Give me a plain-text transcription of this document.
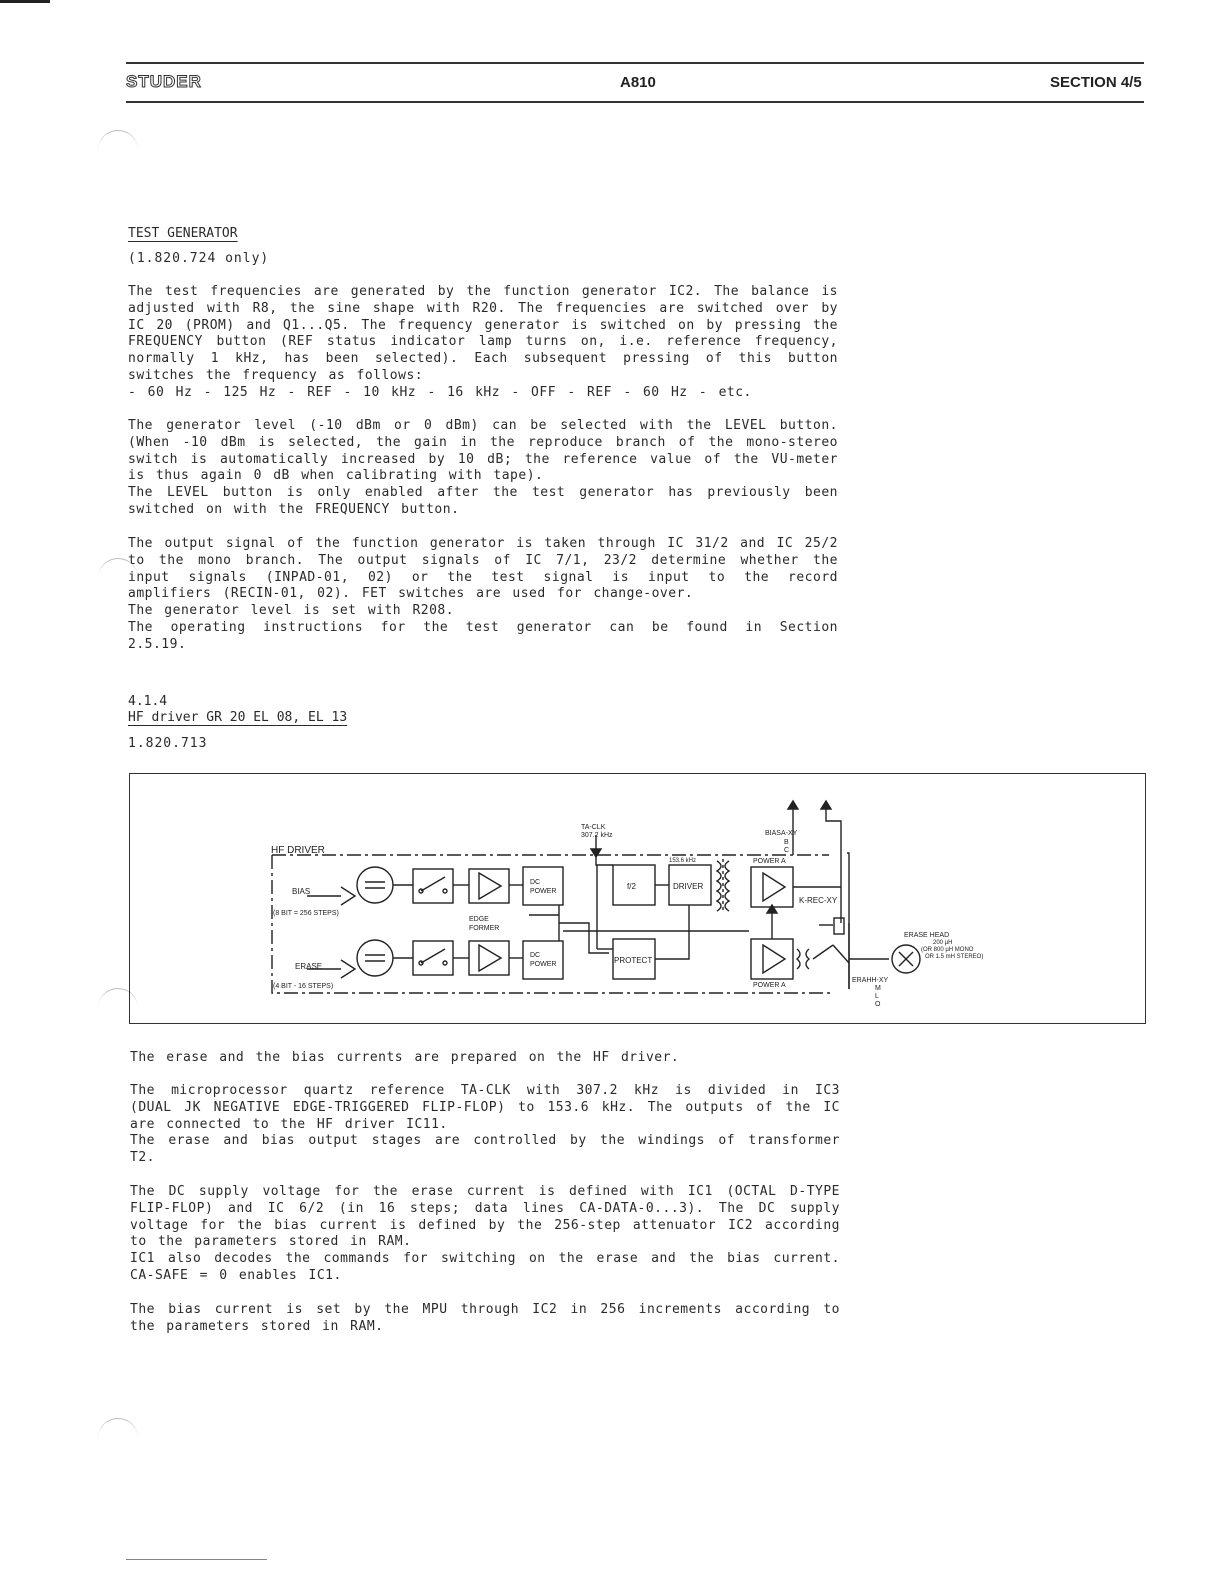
STUDER	A810	SECTION 4/5
TEST GENERATOR
(1.820.724 only)
The test frequencies are generated by the function generator IC2. The balance is adjusted with R8, the sine shape with R20. The frequencies are switched over by IC 20 (PROM) and Q1...Q5. The frequency generator is switched on by pressing the FREQUENCY button (REF status indicator lamp turns on, i.e. reference frequency, normally 1 kHz, has been selected). Each subsequent pressing of this button switches the frequency as follows:
- 60 Hz - 125 Hz - REF - 10 kHz - 16 kHz - OFF - REF - 60 Hz - etc.
The generator level (-10 dBm or 0 dBm) can be selected with the LEVEL button. (When -10 dBm is selected, the gain in the reproduce branch of the mono-stereo switch is automatically increased by 10 dB; the reference value of the VU-meter is thus again 0 dB when calibrating with tape).
The LEVEL button is only enabled after the test generator has previously been switched on with the FREQUENCY button.
The output signal of the function generator is taken through IC 31/2 and IC 25/2 to the mono branch. The output signals of IC 7/1, 23/2 determine whether the input signals (INPAD-01, 02) or the test signal is input to the record amplifiers (RECIN-01, 02). FET switches are used for change-over.
The generator level is set with R208.
The operating instructions for the test generator can be found in Section 2.5.19.
4.1.4
HF driver GR 20 EL 08, EL 13
1.820.713
HF DRIVER
TA-CLK
307.2 kHz
BIAS
(8 BIT = 256 STEPS)
ERASE
(4 BIT - 16 STEPS)
DC
POWER
DC
POWER
EDGE
FORMER
f/2
153.6 kHz
DRIVER
PROTECT
POWER A
POWER A
BIASA-XY
B
C
K-REC-XY
ERASE HEAD
200 µH
(OR 800 µH MONO
OR 1.5 mH STEREO)
ERAHH-XY
M
L
O
The erase and the bias currents are prepared on the HF driver.
The microprocessor quartz reference TA-CLK with 307.2 kHz is divided in IC3 (DUAL JK NEGATIVE EDGE-TRIGGERED FLIP-FLOP) to 153.6 kHz. The outputs of the IC are connected to the HF driver IC11.
The erase and bias output stages are controlled by the windings of transformer T2.
The DC supply voltage for the erase current is defined with IC1 (OCTAL D-TYPE FLIP-FLOP) and IC 6/2 (in 16 steps; data lines CA-DATA-0...3). The DC supply voltage for the bias current is defined by the 256-step attenuator IC2 according to the parameters stored in RAM.
IC1 also decodes the commands for switching on the erase and the bias current. CA-SAFE = 0 enables IC1.
The bias current is set by the MPU through IC2 in 256 increments according to the parameters stored in RAM.
